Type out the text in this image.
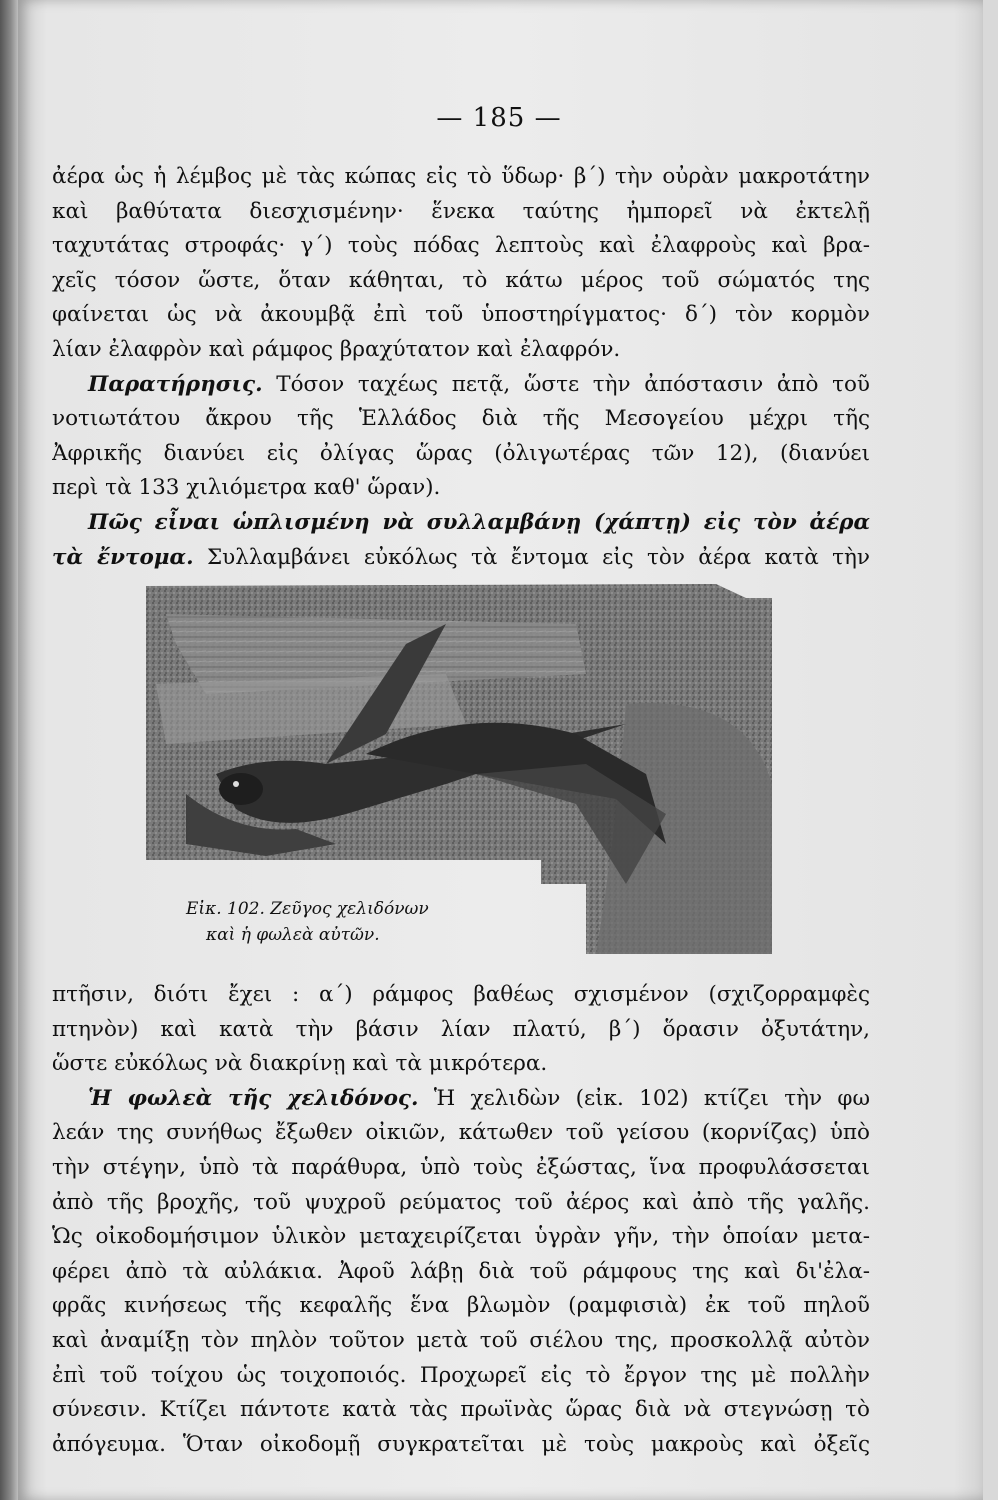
— 185 —
ἀέρα ὡς ἡ λέμβος μὲ τὰς κώπας εἰς τὸ ὕδωρ· β΄) τὴν οὐρὰν μακροτάτην
καὶ βαθύτατα διεσχισμένην· ἕνεκα ταύτης ἠμπορεῖ νὰ ἐκτελῇ
ταχυτάτας στροφάς· γ΄) τοὺς πόδας λεπτοὺς καὶ ἐλαφροὺς καὶ βρα-
χεῖς τόσον ὥστε, ὅταν κάθηται, τὸ κάτω μέρος τοῦ σώματός της
φαίνεται ὡς νὰ ἀκουμβᾷ ἐπὶ τοῦ ὑποστηρίγματος· δ΄) τὸν κορμὸν
λίαν ἐλαφρὸν καὶ ράμφος βραχύτατον καὶ ἐλαφρόν.
Παρατήρησις. Τόσον ταχέως πετᾷ, ὥστε τὴν ἀπόστασιν ἀπὸ τοῦ
νοτιωτάτου ἄκρου τῆς Ἑλλάδος διὰ τῆς Μεσογείου μέχρι τῆς
Ἀφρικῆς διανύει εἰς ὀλίγας ὥρας (ὀλιγωτέρας τῶν 12), (διανύει
περὶ τὰ 133 χιλιόμετρα καθ' ὥραν).
Πῶς εἶναι ὡπλισμένη νὰ συλλαμβάνῃ (χάπτῃ) εἰς τὸν ἀέρα
τὰ ἔντομα. Συλλαμβάνει εὐκόλως τὰ ἔντομα εἰς τὸν ἀέρα κατὰ τὴν
Εἰκ. 102. Ζεῦγος χελιδόνων
καὶ ἡ φωλεὰ αὐτῶν.
πτῆσιν, διότι ἔχει : α΄) ράμφος βαθέως σχισμένον (σχιζορραμφὲς
πτηνὸν) καὶ κατὰ τὴν βάσιν λίαν πλατύ, β΄) ὅρασιν ὀξυτάτην,
ὥστε εὐκόλως νὰ διακρίνῃ καὶ τὰ μικρότερα.
Ἡ φωλεὰ τῆς χελιδόνος. Ἡ χελιδὼν (εἰκ. 102) κτίζει τὴν φω
λεάν της συνήθως ἔξωθεν οἰκιῶν, κάτωθεν τοῦ γείσου (κορνίζας) ὑπὸ
τὴν στέγην, ὑπὸ τὰ παράθυρα, ὑπὸ τοὺς ἐξώστας, ἵνα προφυλάσσεται
ἀπὸ τῆς βροχῆς, τοῦ ψυχροῦ ρεύματος τοῦ ἀέρος καὶ ἀπὸ τῆς γαλῆς.
Ὡς οἰκοδομήσιμον ὑλικὸν μεταχειρίζεται ὑγρὰν γῆν, τὴν ὁποίαν μετα-
φέρει ἀπὸ τὰ αὐλάκια. Ἀφοῦ λάβῃ διὰ τοῦ ράμφους της καὶ δι'ἐλα-
φρᾶς κινήσεως τῆς κεφαλῆς ἕνα βλωμὸν (ραμφισιὰ) ἐκ τοῦ πηλοῦ
καὶ ἀναμίξῃ τὸν πηλὸν τοῦτον μετὰ τοῦ σιέλου της, προσκολλᾷ αὐτὸν
ἐπὶ τοῦ τοίχου ὡς τοιχοποιός. Προχωρεῖ εἰς τὸ ἔργον της μὲ πολλὴν
σύνεσιν. Κτίζει πάντοτε κατὰ τὰς πρωϊνὰς ὥρας διὰ νὰ στεγνώσῃ τὸ
ἀπόγευμα. Ὅταν οἰκοδομῇ συγκρατεῖται μὲ τοὺς μακροὺς καὶ ὀξεῖς
